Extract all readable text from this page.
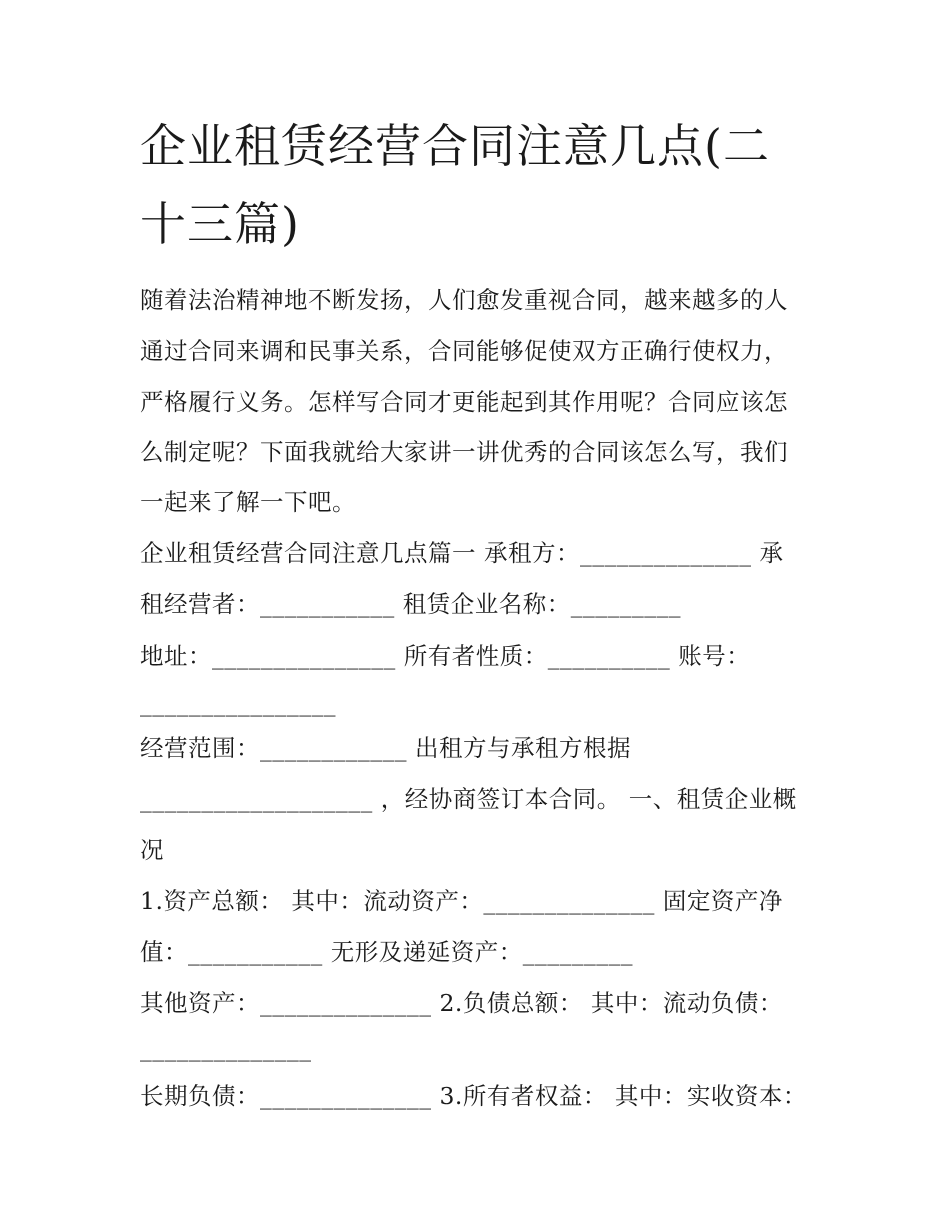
企业租赁经营合同注意几点(二
十三篇)
随着法治精神地不断发扬，人们愈发重视合同，越来越多的人
通过合同来调和民事关系，合同能够促使双方正确行使权力，
严格履行义务。怎样写合同才更能起到其作用呢？合同应该怎
么制定呢？下面我就给大家讲一讲优秀的合同该怎么写，我们
一起来了解一下吧。
企业租赁经营合同注意几点篇一 承租方：______________ 承
租经营者：___________ 租赁企业名称：_________
地址：_______________ 所有者性质：__________ 账号：
________________
经营范围：____________ 出租方与承租方根据
___________________ ，经协商签订本合同。 一、租赁企业概
况
1.资产总额： 其中：流动资产：______________ 固定资产净
值：___________ 无形及递延资产：_________
其他资产：______________ 2.负债总额： 其中：流动负债：
______________
长期负债：______________ 3.所有者权益： 其中：实收资本：
